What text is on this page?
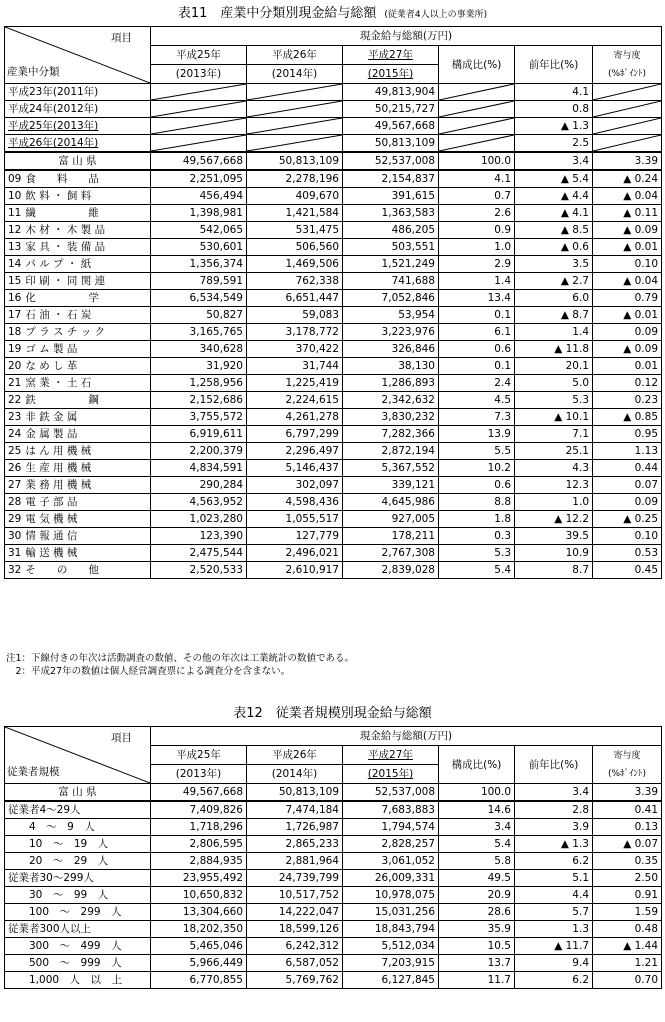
表11　産業中分類別現金給与総額 (従業者4人以上の事業所)
項目
産業中分類	現金給与総額(万円)					
	平成25年	平成26年	平成27年	構成比(%)	前年比(%)	寄与度
(%ﾎﾟｲﾝﾄ)
	(2013年)	(2014年)	(2015年)			
平成23年(2011年)			49,813,904		4.1	

平成24年(2012年)			50,215,727		0.8	

平成25年(2013年)			49,567,668		▲ 1.3	

平成26年(2014年)			50,813,109		2.5	

富 山 県	49,567,668	50,813,109	52,537,008	100.0	3.4	3.39
09 食　　料　　品	2,251,095	2,278,196	2,154,837	4.1	▲ 5.4	▲ 0.24
10 飲 料 ・ 飼 料	456,494	409,670	391,615	0.7	▲ 4.4	▲ 0.04
11 繊　　　　　維	1,398,981	1,421,584	1,363,583	2.6	▲ 4.1	▲ 0.11
12 木 材 ・ 木 製 品	542,065	531,475	486,205	0.9	▲ 8.5	▲ 0.09
13 家 具 ・ 装 備 品	530,601	506,560	503,551	1.0	▲ 0.6	▲ 0.01
14 パ ル プ ・ 紙	1,356,374	1,469,506	1,521,249	2.9	3.5	0.10
15 印 刷 ・ 同 関 連	789,591	762,338	741,688	1.4	▲ 2.7	▲ 0.04
16 化　　　　　学	6,534,549	6,651,447	7,052,846	13.4	6.0	0.79
17 石 油 ・ 石 炭	50,827	59,083	53,954	0.1	▲ 8.7	▲ 0.01
18 プ ラ ス チ ッ ク	3,165,765	3,178,772	3,223,976	6.1	1.4	0.09
19 ゴ ム 製 品	340,628	370,422	326,846	0.6	▲ 11.8	▲ 0.09
20 な め し 革	31,920	31,744	38,130	0.1	20.1	0.01
21 窯 業 ・ 土 石	1,258,956	1,225,419	1,286,893	2.4	5.0	0.12
22 鉄　　　　　鋼	2,152,686	2,224,615	2,342,632	4.5	5.3	0.23
23 非 鉄 金 属	3,755,572	4,261,278	3,830,232	7.3	▲ 10.1	▲ 0.85
24 金 属 製 品	6,919,611	6,797,299	7,282,366	13.9	7.1	0.95
25 は ん 用 機 械	2,200,379	2,296,497	2,872,194	5.5	25.1	1.13
26 生 産 用 機 械	4,834,591	5,146,437	5,367,552	10.2	4.3	0.44
27 業 務 用 機 械	290,284	302,097	339,121	0.6	12.3	0.07
28 電 子 部 品	4,563,952	4,598,436	4,645,986	8.8	1.0	0.09
29 電 気 機 械	1,023,280	1,055,517	927,005	1.8	▲ 12.2	▲ 0.25
30 情 報 通 信	123,390	127,779	178,211	0.3	39.5	0.10
31 輸 送 機 械	2,475,544	2,496,021	2,767,308	5.3	10.9	0.53
32 そ　　の　　他	2,520,533	2,610,917	2,839,028	5.4	8.7	0.45
注1：下線付きの年次は活動調査の数値、その他の年次は工業統計の数値である。
　2：平成27年の数値は個人経営調査票による調査分を含まない。
表12　従業者規模別現金給与総額
項目
従業者規模	現金給与総額(万円)					
	平成25年	平成26年	平成27年	構成比(%)	前年比(%)	寄与度
(%ﾎﾟｲﾝﾄ)
	(2013年)	(2014年)	(2015年)			
富 山 県	49,567,668	50,813,109	52,537,008	100.0	3.4	3.39
従業者4～29人	7,409,826	7,474,184	7,683,883	14.6	2.8	0.41
4　～　9　人	1,718,296	1,726,987	1,794,574	3.4	3.9	0.13
10　～　19　人	2,806,595	2,865,233	2,828,257	5.4	▲ 1.3	▲ 0.07
20　～　29　人	2,884,935	2,881,964	3,061,052	5.8	6.2	0.35
従業者30～299人	23,955,492	24,739,799	26,009,331	49.5	5.1	2.50
30　～　99　人	10,650,832	10,517,752	10,978,075	20.9	4.4	0.91
100　～　299　人	13,304,660	14,222,047	15,031,256	28.6	5.7	1.59
従業者300人以上	18,202,350	18,599,126	18,843,794	35.9	1.3	0.48
300　～　499　人	5,465,046	6,242,312	5,512,034	10.5	▲ 11.7	▲ 1.44
500　～　999　人	5,966,449	6,587,052	7,203,915	13.7	9.4	1.21
1,000　人　以　上	6,770,855	5,769,762	6,127,845	11.7	6.2	0.70
